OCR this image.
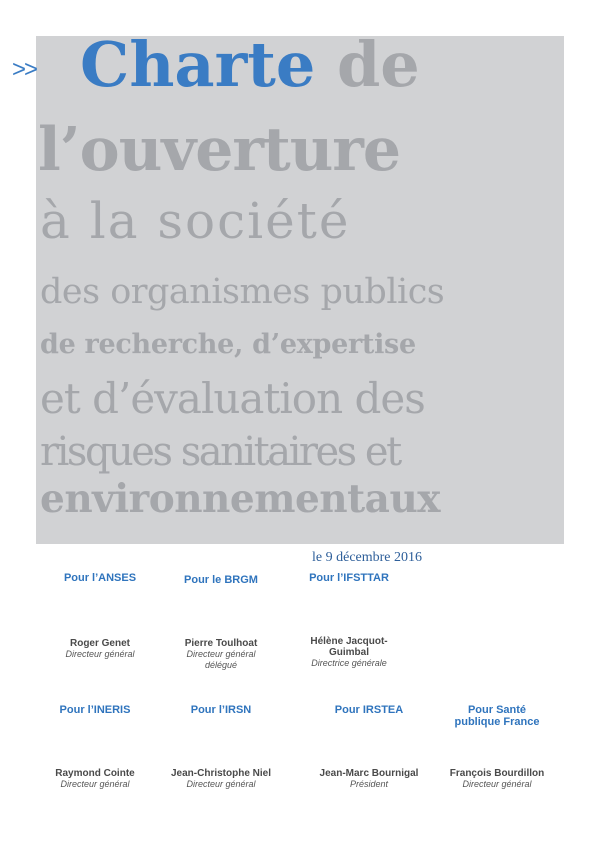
>> Charte de
l’ouverture
à la société
des organismes publics
de recherche, d’expertise
et d’évaluation des
risques sanitaires et
environnementaux
le 9 décembre 2016
Pour l’ANSES	Pour le BRGM	Pour l’IFSTTAR
Roger Genet
Directeur général
Pierre Toulhoat
Directeur général délégué
Hélène Jacquot-Guimbal
Directrice générale
Pour l’INERIS	Pour l’IRSN	Pour IRSTEA	Pour Santé publique France
Raymond Cointe
Directeur général
Jean-Christophe Niel
Directeur général
Jean-Marc Bournigal
Président
François Bourdillon
Directeur général
